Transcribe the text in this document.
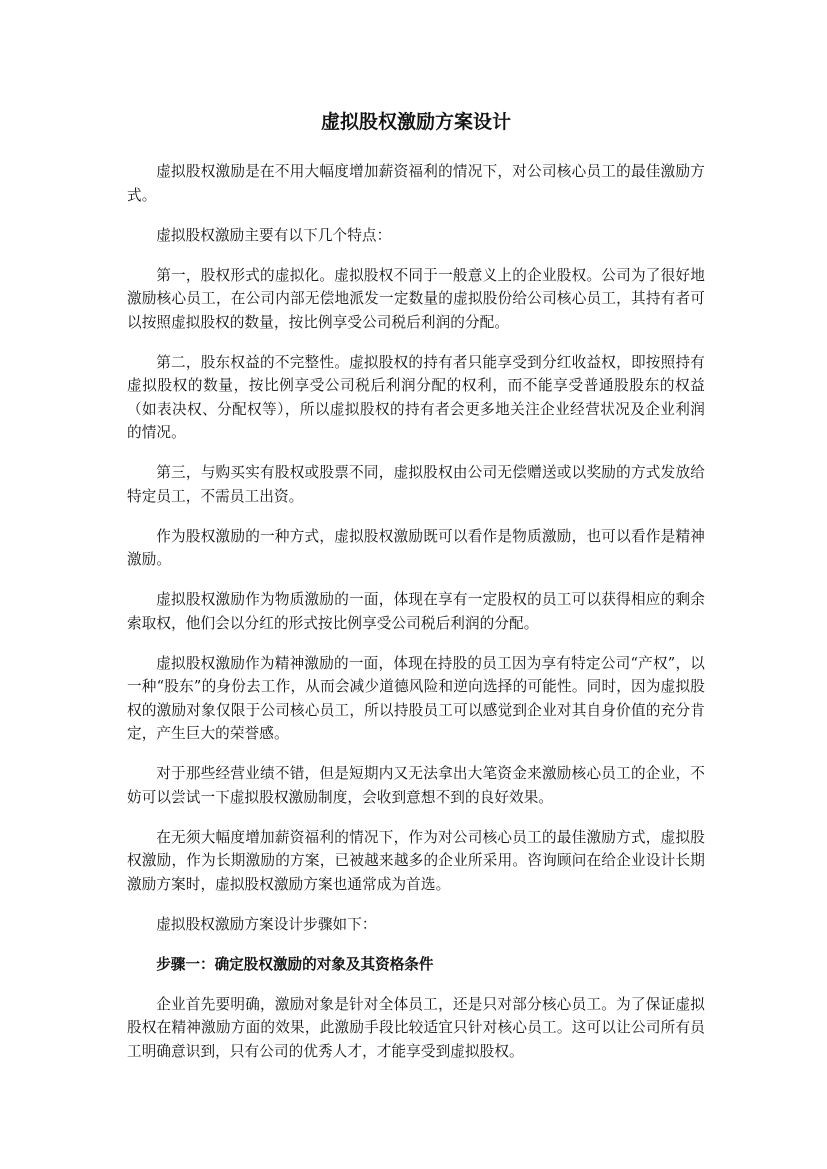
虚拟股权激励方案设计

虚拟股权激励是在不用大幅度增加薪资福利的情况下，对公司核心员工的最佳激励方式。

虚拟股权激励主要有以下几个特点：

第一，股权形式的虚拟化。虚拟股权不同于一般意义上的企业股权。公司为了很好地激励核心员工，在公司内部无偿地派发一定数量的虚拟股份给公司核心员工，其持有者可以按照虚拟股权的数量，按比例享受公司税后利润的分配。

第二，股东权益的不完整性。虚拟股权的持有者只能享受到分红收益权，即按照持有虚拟股权的数量，按比例享受公司税后利润分配的权利，而不能享受普通股股东的权益（如表决权、分配权等），所以虚拟股权的持有者会更多地关注企业经营状况及企业利润的情况。

第三，与购买实有股权或股票不同，虚拟股权由公司无偿赠送或以奖励的方式发放给特定员工，不需员工出资。

作为股权激励的一种方式，虚拟股权激励既可以看作是物质激励，也可以看作是精神激励。

虚拟股权激励作为物质激励的一面，体现在享有一定股权的员工可以获得相应的剩余索取权，他们会以分红的形式按比例享受公司税后利润的分配。

虚拟股权激励作为精神激励的一面，体现在持股的员工因为享有特定公司“产权”，以一种“股东”的身份去工作，从而会减少道德风险和逆向选择的可能性。同时，因为虚拟股权的激励对象仅限于公司核心员工，所以持股员工可以感觉到企业对其自身价值的充分肯定，产生巨大的荣誉感。

对于那些经营业绩不错，但是短期内又无法拿出大笔资金来激励核心员工的企业，不妨可以尝试一下虚拟股权激励制度，会收到意想不到的良好效果。

在无须大幅度增加薪资福利的情况下，作为对公司核心员工的最佳激励方式，虚拟股权激励，作为长期激励的方案，已被越来越多的企业所采用。咨询顾问在给企业设计长期激励方案时，虚拟股权激励方案也通常成为首选。

虚拟股权激励方案设计步骤如下：

步骤一：确定股权激励的对象及其资格条件

企业首先要明确，激励对象是针对全体员工，还是只对部分核心员工。为了保证虚拟股权在精神激励方面的效果，此激励手段比较适宜只针对核心员工。这可以让公司所有员工明确意识到，只有公司的优秀人才，才能享受到虚拟股权。
